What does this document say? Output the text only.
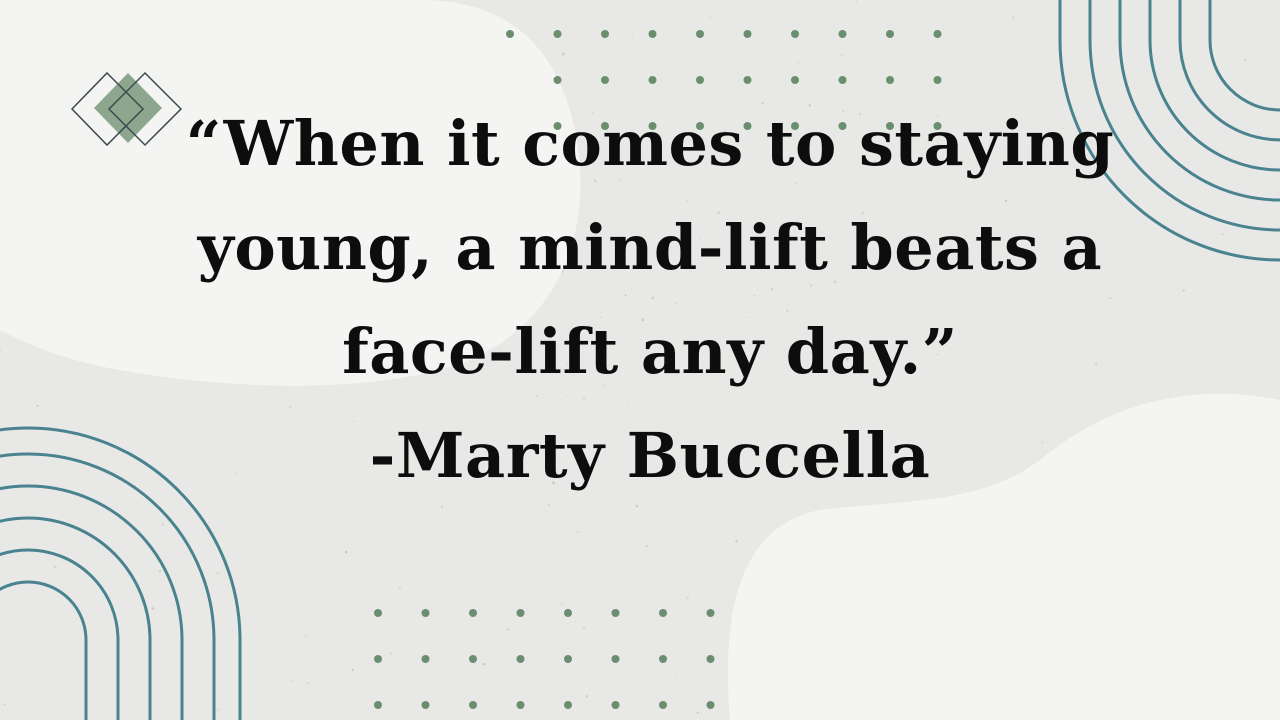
“When it comes to staying
young, a mind-lift beats a
face-lift any day.”
-Marty Buccella
